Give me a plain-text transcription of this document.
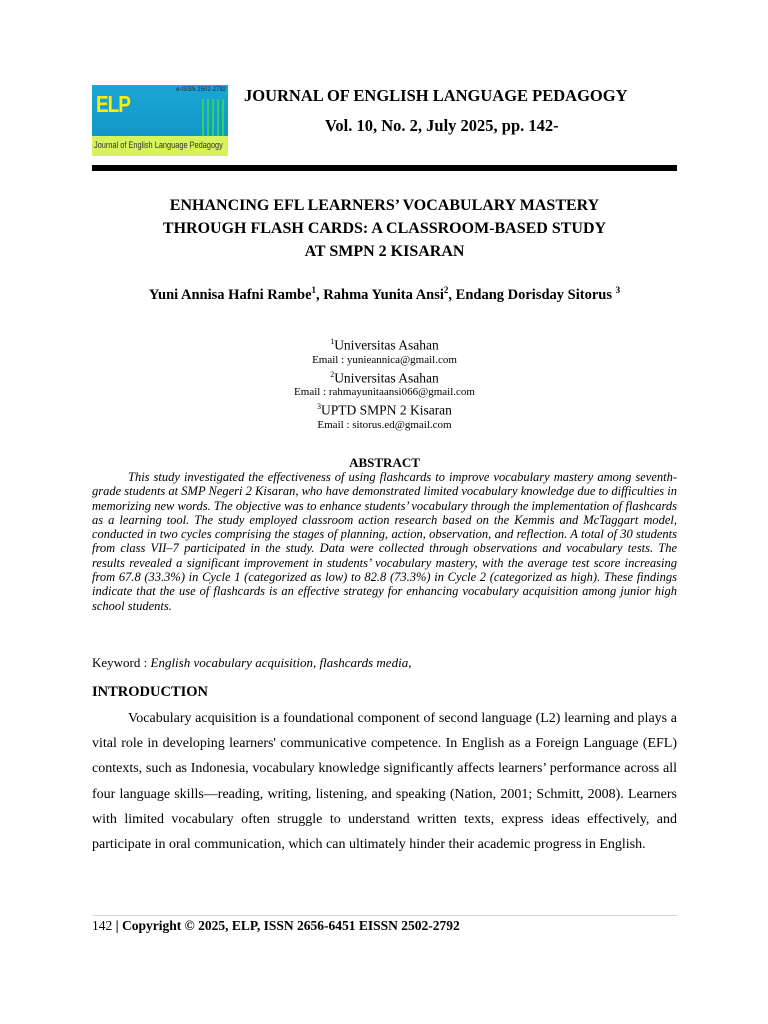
ELP
e-ISSN 2502-2792
Journal of English Language Pedagogy
JOURNAL OF ENGLISH LANGUAGE PEDAGOGY
Vol. 10, No. 2, July 2025, pp. 142-
ENHANCING EFL LEARNERS’ VOCABULARY MASTERY
THROUGH FLASH CARDS: A CLASSROOM-BASED STUDY
AT SMPN 2 KISARAN
Yuni Annisa Hafni Rambe$^1$, Rahma Yunita Ansi$^2$, Endang Dorisday Sitorus $^3$
$^1$Universitas Asahan
Email : yunieannica@gmail.com
$^2$Universitas Asahan
Email : rahmayunitaansi066@gmail.com
$^3$UPTD SMPN 2 Kisaran
Email : sitorus.ed@gmail.com
ABSTRACT

This study investigated the effectiveness of using flashcards to improve vocabulary mastery among seventh-grade students at SMP Negeri 2 Kisaran, who have demonstrated limited vocabulary knowledge due to difficulties in memorizing new words. The objective was to enhance students’ vocabulary through the implementation of flashcards as a learning tool. The study employed classroom action research based on the Kemmis and McTaggart model, conducted in two cycles comprising the stages of planning, action, observation, and reflection. A total of 30 students from class VII–7 participated in the study. Data were collected through observations and vocabulary tests. The results revealed a significant improvement in students’ vocabulary mastery, with the average test score increasing from 67.8 (33.3%) in Cycle 1 (categorized as low) to 82.8 (73.3%) in Cycle 2 (categorized as high). These findings indicate that the use of flashcards is an effective strategy for enhancing vocabulary acquisition among junior high school students.

Keyword : English vocabulary acquisition, flashcards media,
INTRODUCTION

Vocabulary acquisition is a foundational component of second language (L2) learning and plays a vital role in developing learners' communicative competence. In English as a Foreign Language (EFL) contexts, such as Indonesia, vocabulary knowledge significantly affects learners’ performance across all four language skills—reading, writing, listening, and speaking (Nation, 2001; Schmitt, 2008). Learners with limited vocabulary often struggle to understand written texts, express ideas effectively, and participate in oral communication, which can ultimately hinder their academic progress in English.

142 | Copyright © 2025, ELP, ISSN 2656-6451 EISSN 2502-2792
